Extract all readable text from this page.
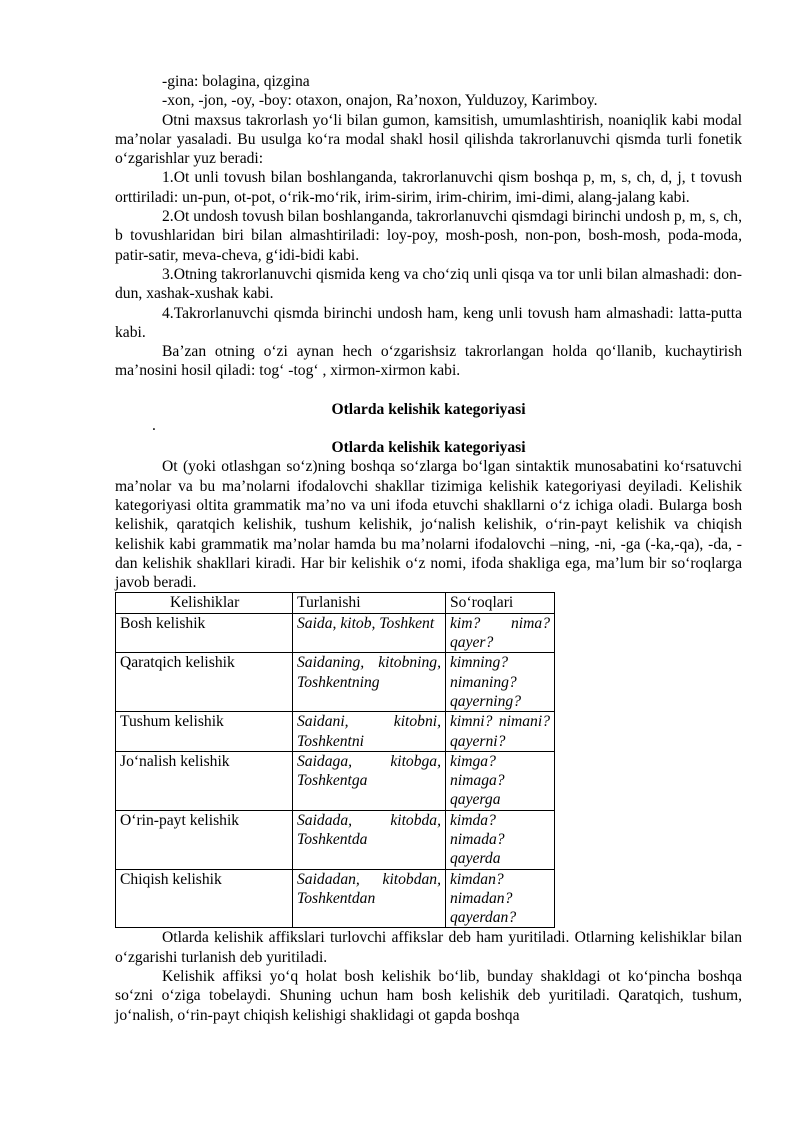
-gina: bolagina, qizgina

-xon, -jon, -oy, -boy: otaxon, onajon, Ra’noxon, Yulduzoy, Karimboy.

Otni maxsus takrorlash yo‘li bilan gumon, kamsitish, umumlashtirish, noaniqlik kabi modal ma’nolar yasaladi. Bu usulga ko‘ra modal shakl hosil qilishda takrorlanuvchi qismda turli fonetik o‘zgarishlar yuz beradi:

1.Ot unli tovush bilan boshlanganda, takrorlanuvchi qism boshqa p, m, s, ch, d, j, t tovush orttiriladi: un-pun, ot-pot, o‘rik-mo‘rik, irim-sirim, irim-chirim, imi-dimi, alang-jalang kabi.

2.Ot undosh tovush bilan boshlanganda, takrorlanuvchi qismdagi birinchi undosh p, m, s, ch, b tovushlaridan biri bilan almashtiriladi: loy-poy, mosh-posh, non-pon, bosh-mosh, poda-moda, patir-satir, meva-cheva, g‘idi-bidi kabi.

3.Otning takrorlanuvchi qismida keng va cho‘ziq unli qisqa va tor unli bilan almashadi: don-dun, xashak-xushak kabi.

4.Takrorlanuvchi qismda birinchi undosh ham, keng unli tovush ham almashadi: latta-putta kabi.

Ba’zan otning o‘zi aynan hech o‘zgarishsiz takrorlangan holda qo‘llanib, kuchaytirish ma’nosini hosil qiladi: tog‘ -tog‘ , xirmon-xirmon kabi.

Otlarda kelishik kategoriyasi

.

Otlarda kelishik kategoriyasi

Ot (yoki otlashgan so‘z)ning boshqa so‘zlarga bo‘lgan sintaktik munosabatini ko‘rsatuvchi ma’nolar va bu ma’nolarni ifodalovchi shakllar tizimiga kelishik kategoriyasi deyiladi. Kelishik kategoriyasi oltita grammatik ma’no va uni ifoda etuvchi shakllarni o‘z ichiga oladi. Bularga bosh kelishik, qaratqich kelishik, tushum kelishik, jo‘nalish kelishik, o‘rin-payt kelishik va chiqish kelishik kabi grammatik ma’nolar hamda bu ma’nolarni ifodalovchi –ning, -ni, -ga (-ka,-qa), -da, -dan kelishik shakllari kiradi. Har bir kelishik o‘z nomi, ifoda shakliga ega, ma’lum bir so‘roqlarga javob beradi.

Kelishiklar	Turlanishi	So‘roqlari
Bosh kelishik	Saida, kitob, Toshkent	kim? nima? qayer?
Qaratqich kelishik	Saidaning, kitobning, Toshkentning	kimning? nimaning? qayerning?
Tushum kelishik	Saidani, kitobni, Toshkentni	kimni? nimani? qayerni?
Jo‘nalish kelishik	Saidaga, kitobga, Toshkentga	kimga? nimaga? qayerga
O‘rin-payt kelishik	Saidada, kitobda, Toshkentda	kimda? nimada? qayerda
Chiqish kelishik	Saidadan, kitobdan, Toshkentdan	kimdan? nimadan? qayerdan?

Otlarda kelishik affikslari turlovchi affikslar deb ham yuritiladi. Otlarning kelishiklar bilan o‘zgarishi turlanish deb yuritiladi.

Kelishik affiksi yo‘q holat bosh kelishik bo‘lib, bunday shakldagi ot ko‘pincha boshqa so‘zni o‘ziga tobelaydi. Shuning uchun ham bosh kelishik deb yuritiladi. Qaratqich, tushum, jo‘nalish, o‘rin-payt chiqish kelishigi shaklidagi ot gapda boshqa
